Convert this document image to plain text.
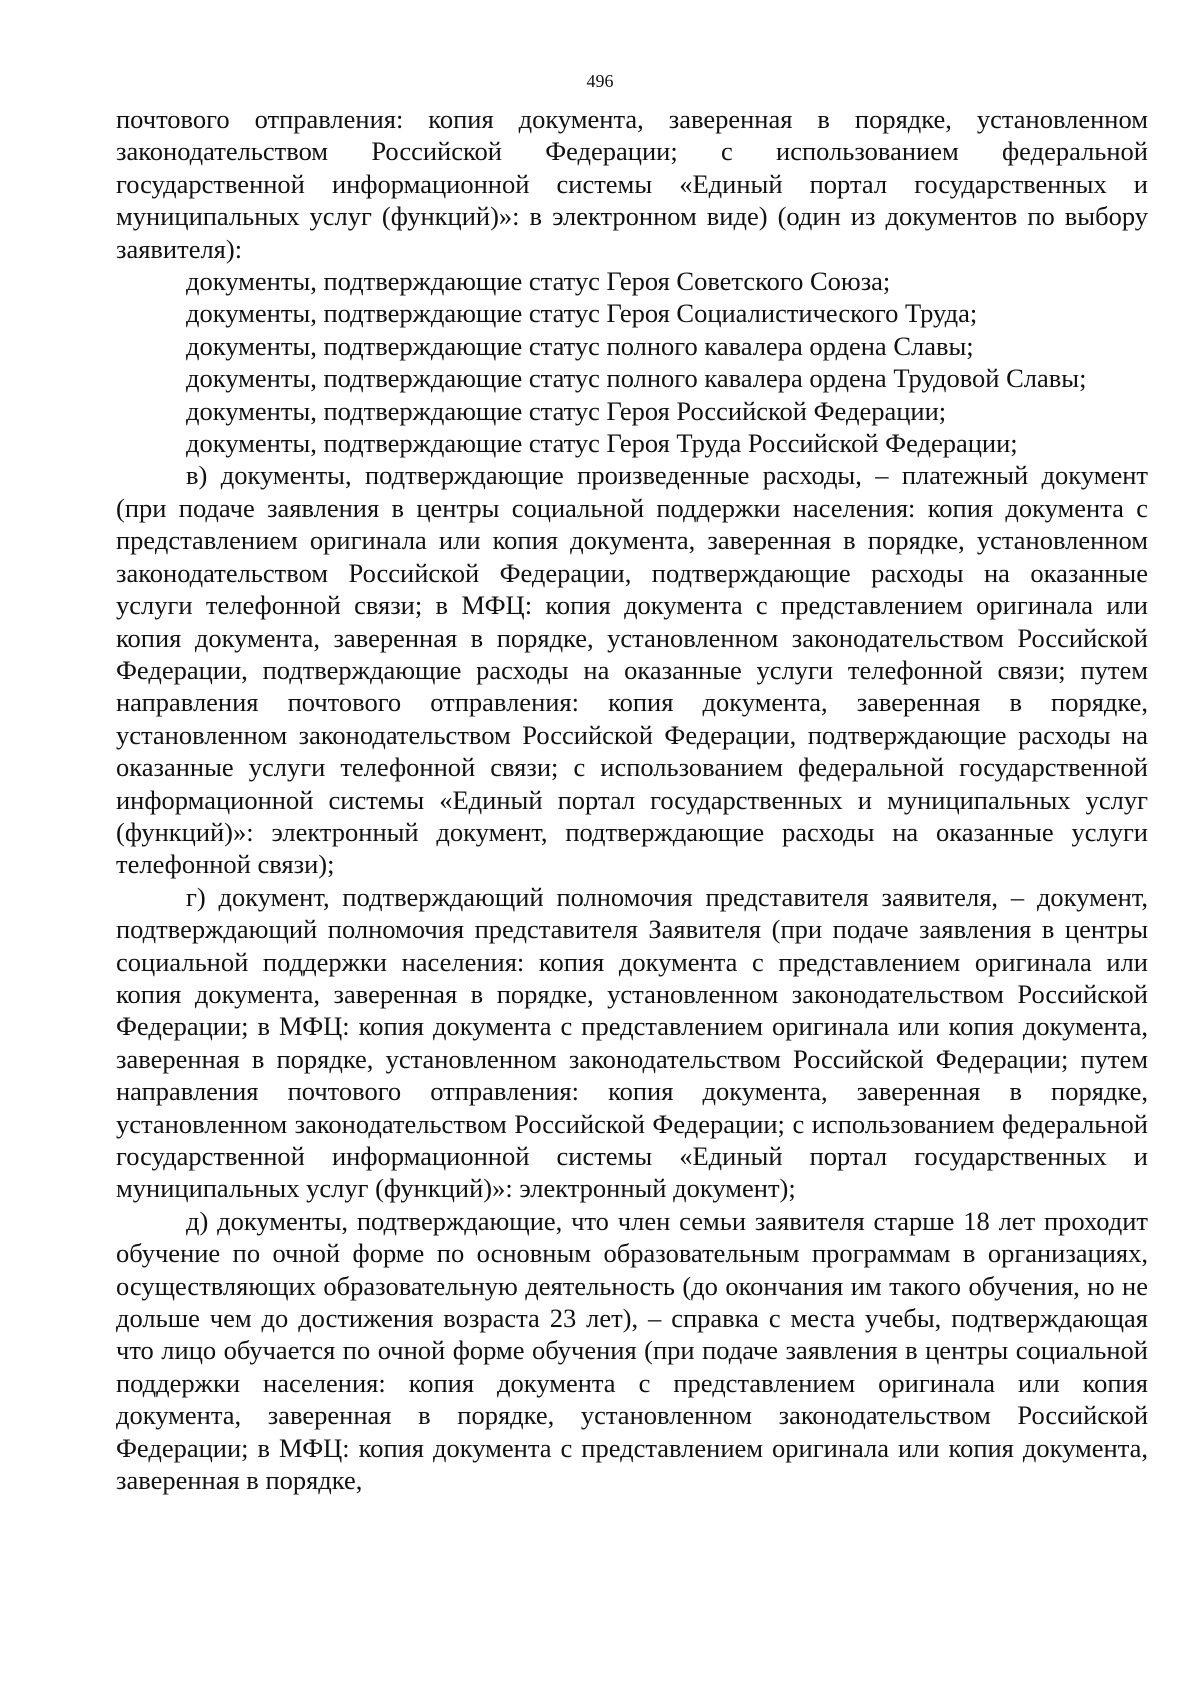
496

почтового отправления: копия документа, заверенная в порядке, установленном законодательством Российской Федерации; с использованием федеральной государственной информационной системы «Единый портал государственных и муниципальных услуг (функций)»: в электронном виде) (один из документов по выбору заявителя):

документы, подтверждающие статус Героя Советского Союза;

документы, подтверждающие статус Героя Социалистического Труда;

документы, подтверждающие статус полного кавалера ордена Славы;

документы, подтверждающие статус полного кавалера ордена Трудовой Славы;

документы, подтверждающие статус Героя Российской Федерации;

документы, подтверждающие статус Героя Труда Российской Федерации;

в) документы, подтверждающие произведенные расходы, – платежный документ (при подаче заявления в центры социальной поддержки населения: копия документа с представлением оригинала или копия документа, заверенная в порядке, установленном законодательством Российской Федерации, подтверждающие расходы на оказанные услуги телефонной связи; в МФЦ: копия документа с представлением оригинала или копия документа, заверенная в порядке, установленном законодательством Российской Федерации, подтверждающие расходы на оказанные услуги телефонной связи; путем направления почтового отправления: копия документа, заверенная в порядке, установленном законодательством Российской Федерации, подтверждающие расходы на оказанные услуги телефонной связи; с использованием федеральной государственной информационной системы «Единый портал государственных и муниципальных услуг (функций)»: электронный документ, подтверждающие расходы на оказанные услуги телефонной связи);

г) документ, подтверждающий полномочия представителя заявителя, – документ, подтверждающий полномочия представителя Заявителя (при подаче заявления в центры социальной поддержки населения: копия документа с представлением оригинала или копия документа, заверенная в порядке, установленном законодательством Российской Федерации; в МФЦ: копия документа с представлением оригинала или копия документа, заверенная в порядке, установленном законодательством Российской Федерации; путем направления почтового отправления: копия документа, заверенная в порядке, установленном законодательством Российской Федерации; с использованием федеральной государственной информационной системы «Единый портал государственных и муниципальных услуг (функций)»: электронный документ);

д) документы, подтверждающие, что член семьи заявителя старше 18 лет проходит обучение по очной форме по основным образовательным программам в организациях, осуществляющих образовательную деятельность (до окончания им такого обучения, но не дольше чем до достижения возраста 23 лет), – справка с места учебы, подтверждающая что лицо обучается по очной форме обучения (при подаче заявления в центры социальной поддержки населения: копия документа с представлением оригинала или копия документа, заверенная в порядке, установленном законодательством Российской Федерации; в МФЦ: копия документа с представлением оригинала или копия документа, заверенная в порядке,
